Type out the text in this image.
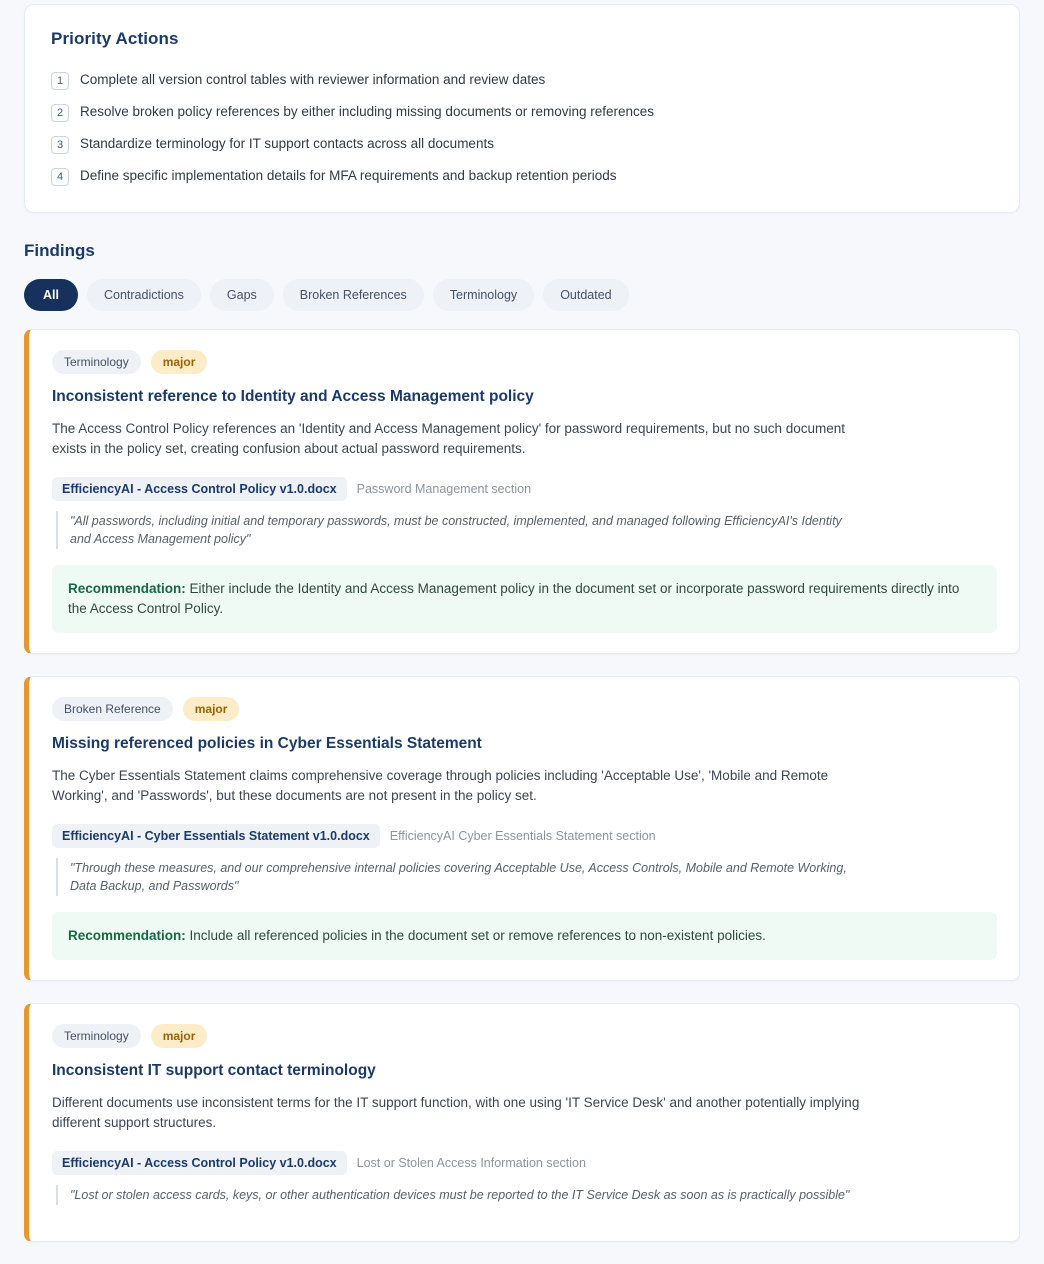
Priority Actions
1	Complete all version control tables with reviewer information and review dates
2	Resolve broken policy references by either including missing documents or removing references
3	Standardize terminology for IT support contacts across all documents
4	Define specific implementation details for MFA requirements and backup retention periods
Findings
All	Contradictions	Gaps	Broken References	Terminology	Outdated
Terminology	major
Inconsistent reference to Identity and Access Management policy

The Access Control Policy references an 'Identity and Access Management policy' for password requirements, but no such document exists in the policy set, creating confusion about actual password requirements.

EfficiencyAI - Access Control Policy v1.0.docx	Password Management section
"All passwords, including initial and temporary passwords, must be constructed, implemented, and managed following EfficiencyAI's Identity and Access Management policy"
Recommendation: Either include the Identity and Access Management policy in the document set or incorporate password requirements directly into the Access Control Policy.
Broken Reference	major
Missing referenced policies in Cyber Essentials Statement

The Cyber Essentials Statement claims comprehensive coverage through policies including 'Acceptable Use', 'Mobile and Remote Working', and 'Passwords', but these documents are not present in the policy set.

EfficiencyAI - Cyber Essentials Statement v1.0.docx	EfficiencyAI Cyber Essentials Statement section
"Through these measures, and our comprehensive internal policies covering Acceptable Use, Access Controls, Mobile and Remote Working, Data Backup, and Passwords"
Recommendation: Include all referenced policies in the document set or remove references to non-existent policies.
Terminology	major
Inconsistent IT support contact terminology

Different documents use inconsistent terms for the IT support function, with one using 'IT Service Desk' and another potentially implying different support structures.

EfficiencyAI - Access Control Policy v1.0.docx	Lost or Stolen Access Information section
"Lost or stolen access cards, keys, or other authentication devices must be reported to the IT Service Desk as soon as is practically possible"
